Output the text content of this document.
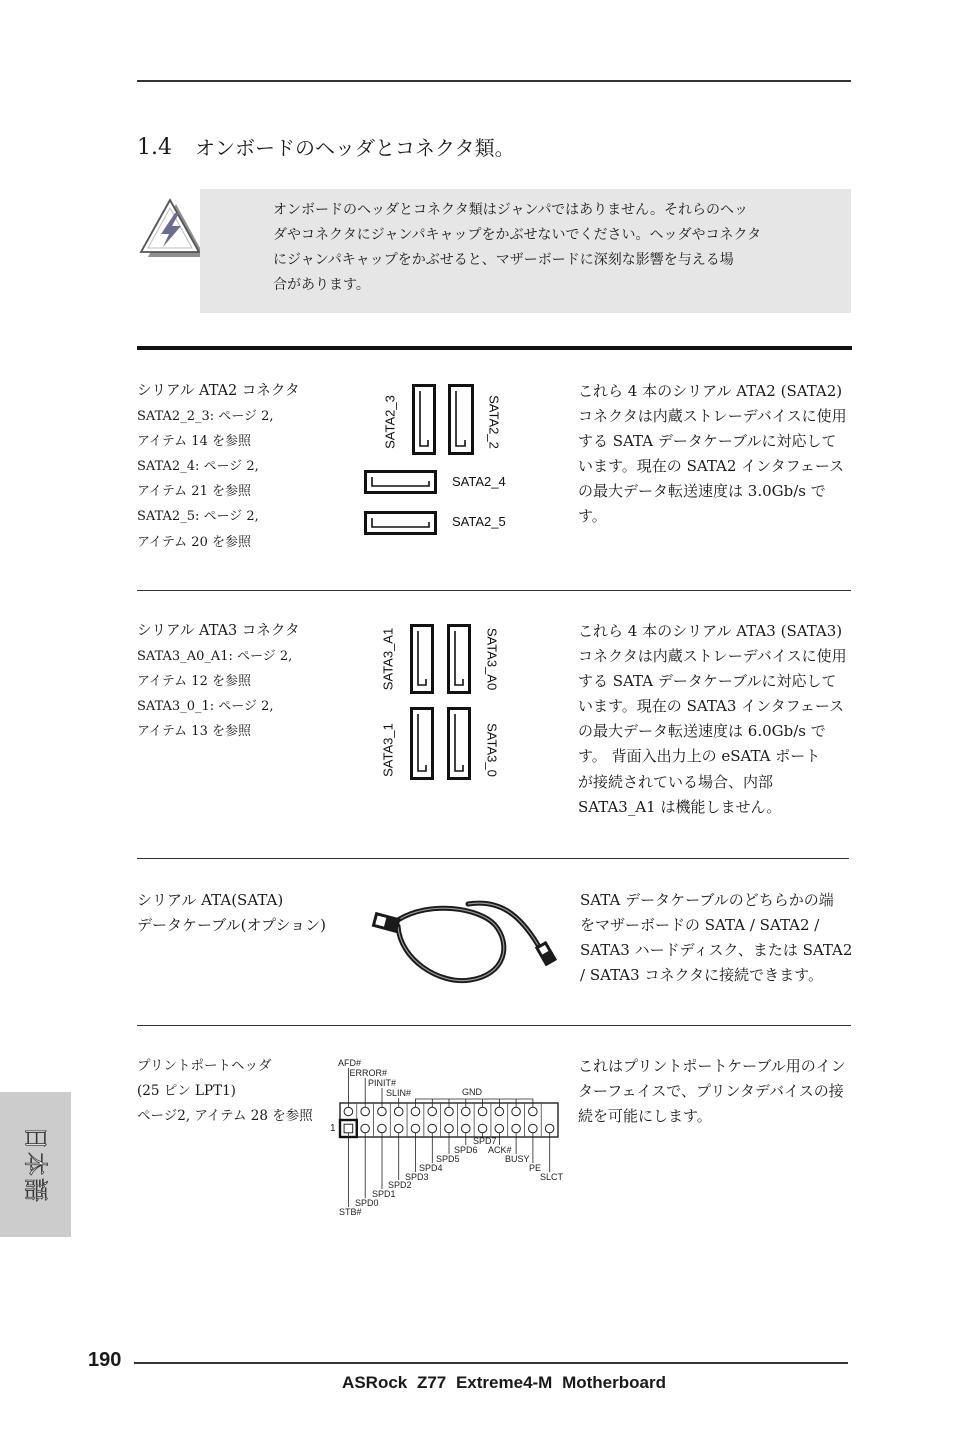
1.4 オンボードのヘッダとコネクタ類。
オンボードのヘッダとコネクタ類はジャンパではありません。それらのヘッ
ダやコネクタにジャンパキャップをかぶせないでください。ヘッダやコネクタ
にジャンパキャップをかぶせると、マザーボードに深刻な影響を与える場
合があります。
シリアル ATA2 コネクタ
SATA2_2_3: ページ 2,
アイテム 14 を参照
SATA2_4: ページ 2,
アイテム 21 を参照
SATA2_5: ページ 2,
アイテム 20 を参照
SATA2_3	SATA2_2
SATA2_4
SATA2_5
これら 4 本のシリアル ATA2 (SATA2)
コネクタは内蔵ストレーデバイスに使用
する SATA データケーブルに対応して
います。現在の SATA2 インタフェース
の最大データ転送速度は 3.0Gb/s で
す。
シリアル ATA3 コネクタ
SATA3_A0_A1: ページ 2,
アイテム 12 を参照
SATA3_0_1: ページ 2,
アイテム 13 を参照
SATA3_A1	SATA3_A0
SATA3_1	SATA3_0
これら 4 本のシリアル ATA3 (SATA3)
コネクタは内蔵ストレーデバイスに使用
する SATA データケーブルに対応して
います。現在の SATA3 インタフェース
の最大データ転送速度は 6.0Gb/s で
す。 背面入出力上の eSATA ポート
が接続されている場合、内部
SATA3_A1 は機能しません。
シリアル ATA(SATA)
データケーブル(オプション)
SATA データケーブルのどちらかの端
をマザーボードの SATA / SATA2 /
SATA3 ハードディスク、または SATA2
/ SATA3 コネクタに接続できます。
プリントポートヘッダ
(25 ピン LPT1)
ページ2, アイテム 28 を参照
AFD#
ERROR#
PINIT#
SLIN#	GND
STB#
SPD0
SPD1
SPD2
SPD3
SPD4
SPD5
SPD6
SPD7
ACK#
BUSY
PE
SLCT
1
これはプリントポートケーブル用のイン
ターフェイスで、プリンタデバイスの接
続を可能にします。
日本語
190
ASRock Z77 Extreme4-M Motherboard
